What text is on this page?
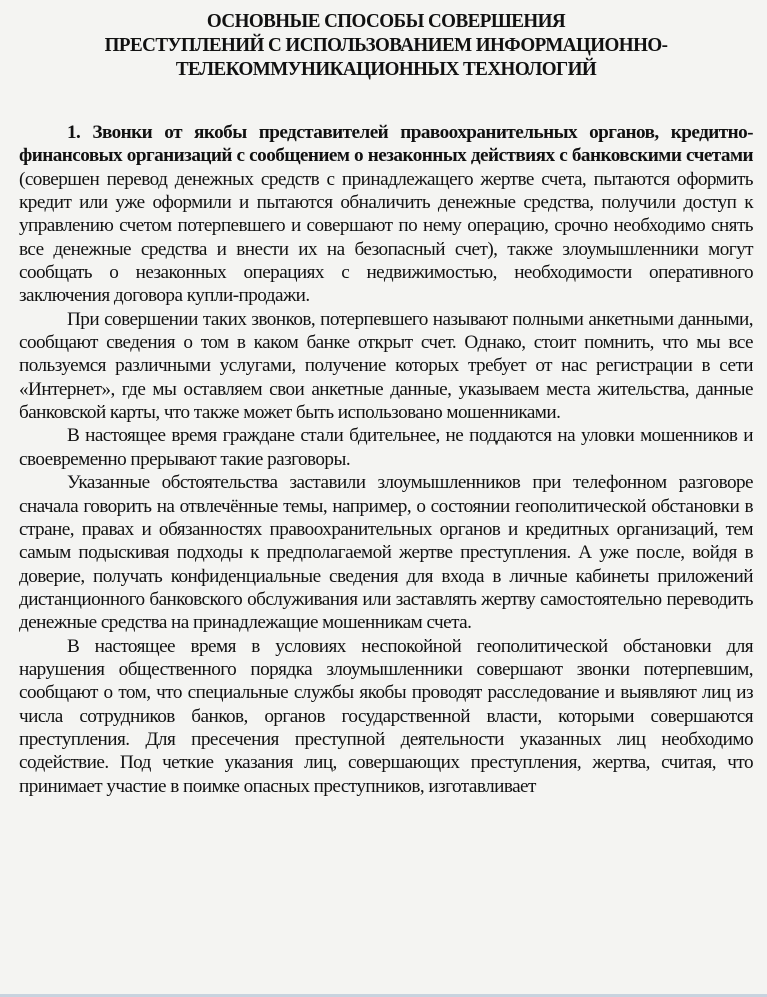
ОСНОВНЫЕ СПОСОБЫ СОВЕРШЕНИЯ
ПРЕСТУПЛЕНИЙ С ИСПОЛЬЗОВАНИЕМ ИНФОРМАЦИОННО-
ТЕЛЕКОММУНИКАЦИОННЫХ ТЕХНОЛОГИЙ

1. Звонки от якобы представителей правоохранительных органов, кредитно-финансовых организаций с сообщением о незаконных действиях с банковскими счетами (совершен перевод денежных средств с принадлежащего жертве счета, пытаются оформить кредит или уже оформили и пытаются обналичить денежные средства, получили доступ к управлению счетом потерпевшего и совершают по нему операцию, срочно необходимо снять все денежные средства и внести их на безопасный счет), также злоумышленники могут сообщать о незаконных операциях с недвижимостью, необходимости оперативного заключения договора купли-продажи.

При совершении таких звонков, потерпевшего называют полными анкетными данными, сообщают сведения о том в каком банке открыт счет. Однако, стоит помнить, что мы все пользуемся различными услугами, получение которых требует от нас регистрации в сети «Интернет», где мы оставляем свои анкетные данные, указываем места жительства, данные банковской карты, что также может быть использовано мошенниками.

В настоящее время граждане стали бдительнее, не поддаются на уловки мошенников и своевременно прерывают такие разговоры.

Указанные обстоятельства заставили злоумышленников при телефонном разговоре сначала говорить на отвлечённые темы, например, о состоянии геополитической обстановки в стране, правах и обязанностях правоохранительных органов и кредитных организаций, тем самым подыскивая подходы к предполагаемой жертве преступления. А уже после, войдя в доверие, получать конфиденциальные сведения для входа в личные кабинеты приложений дистанционного банковского обслуживания или заставлять жертву самостоятельно переводить денежные средства на принадлежащие мошенникам счета.

В настоящее время в условиях неспокойной геополитической обстановки для нарушения общественного порядка злоумышленники совершают звонки потерпевшим, сообщают о том, что специальные службы якобы проводят расследование и выявляют лиц из числа сотрудников банков, органов государственной власти, которыми совершаются преступления. Для пресечения преступной деятельности указанных лиц необходимо содействие. Под четкие указания лиц, совершающих преступления, жертва, считая, что принимает участие в поимке опасных преступников, изготавливает
